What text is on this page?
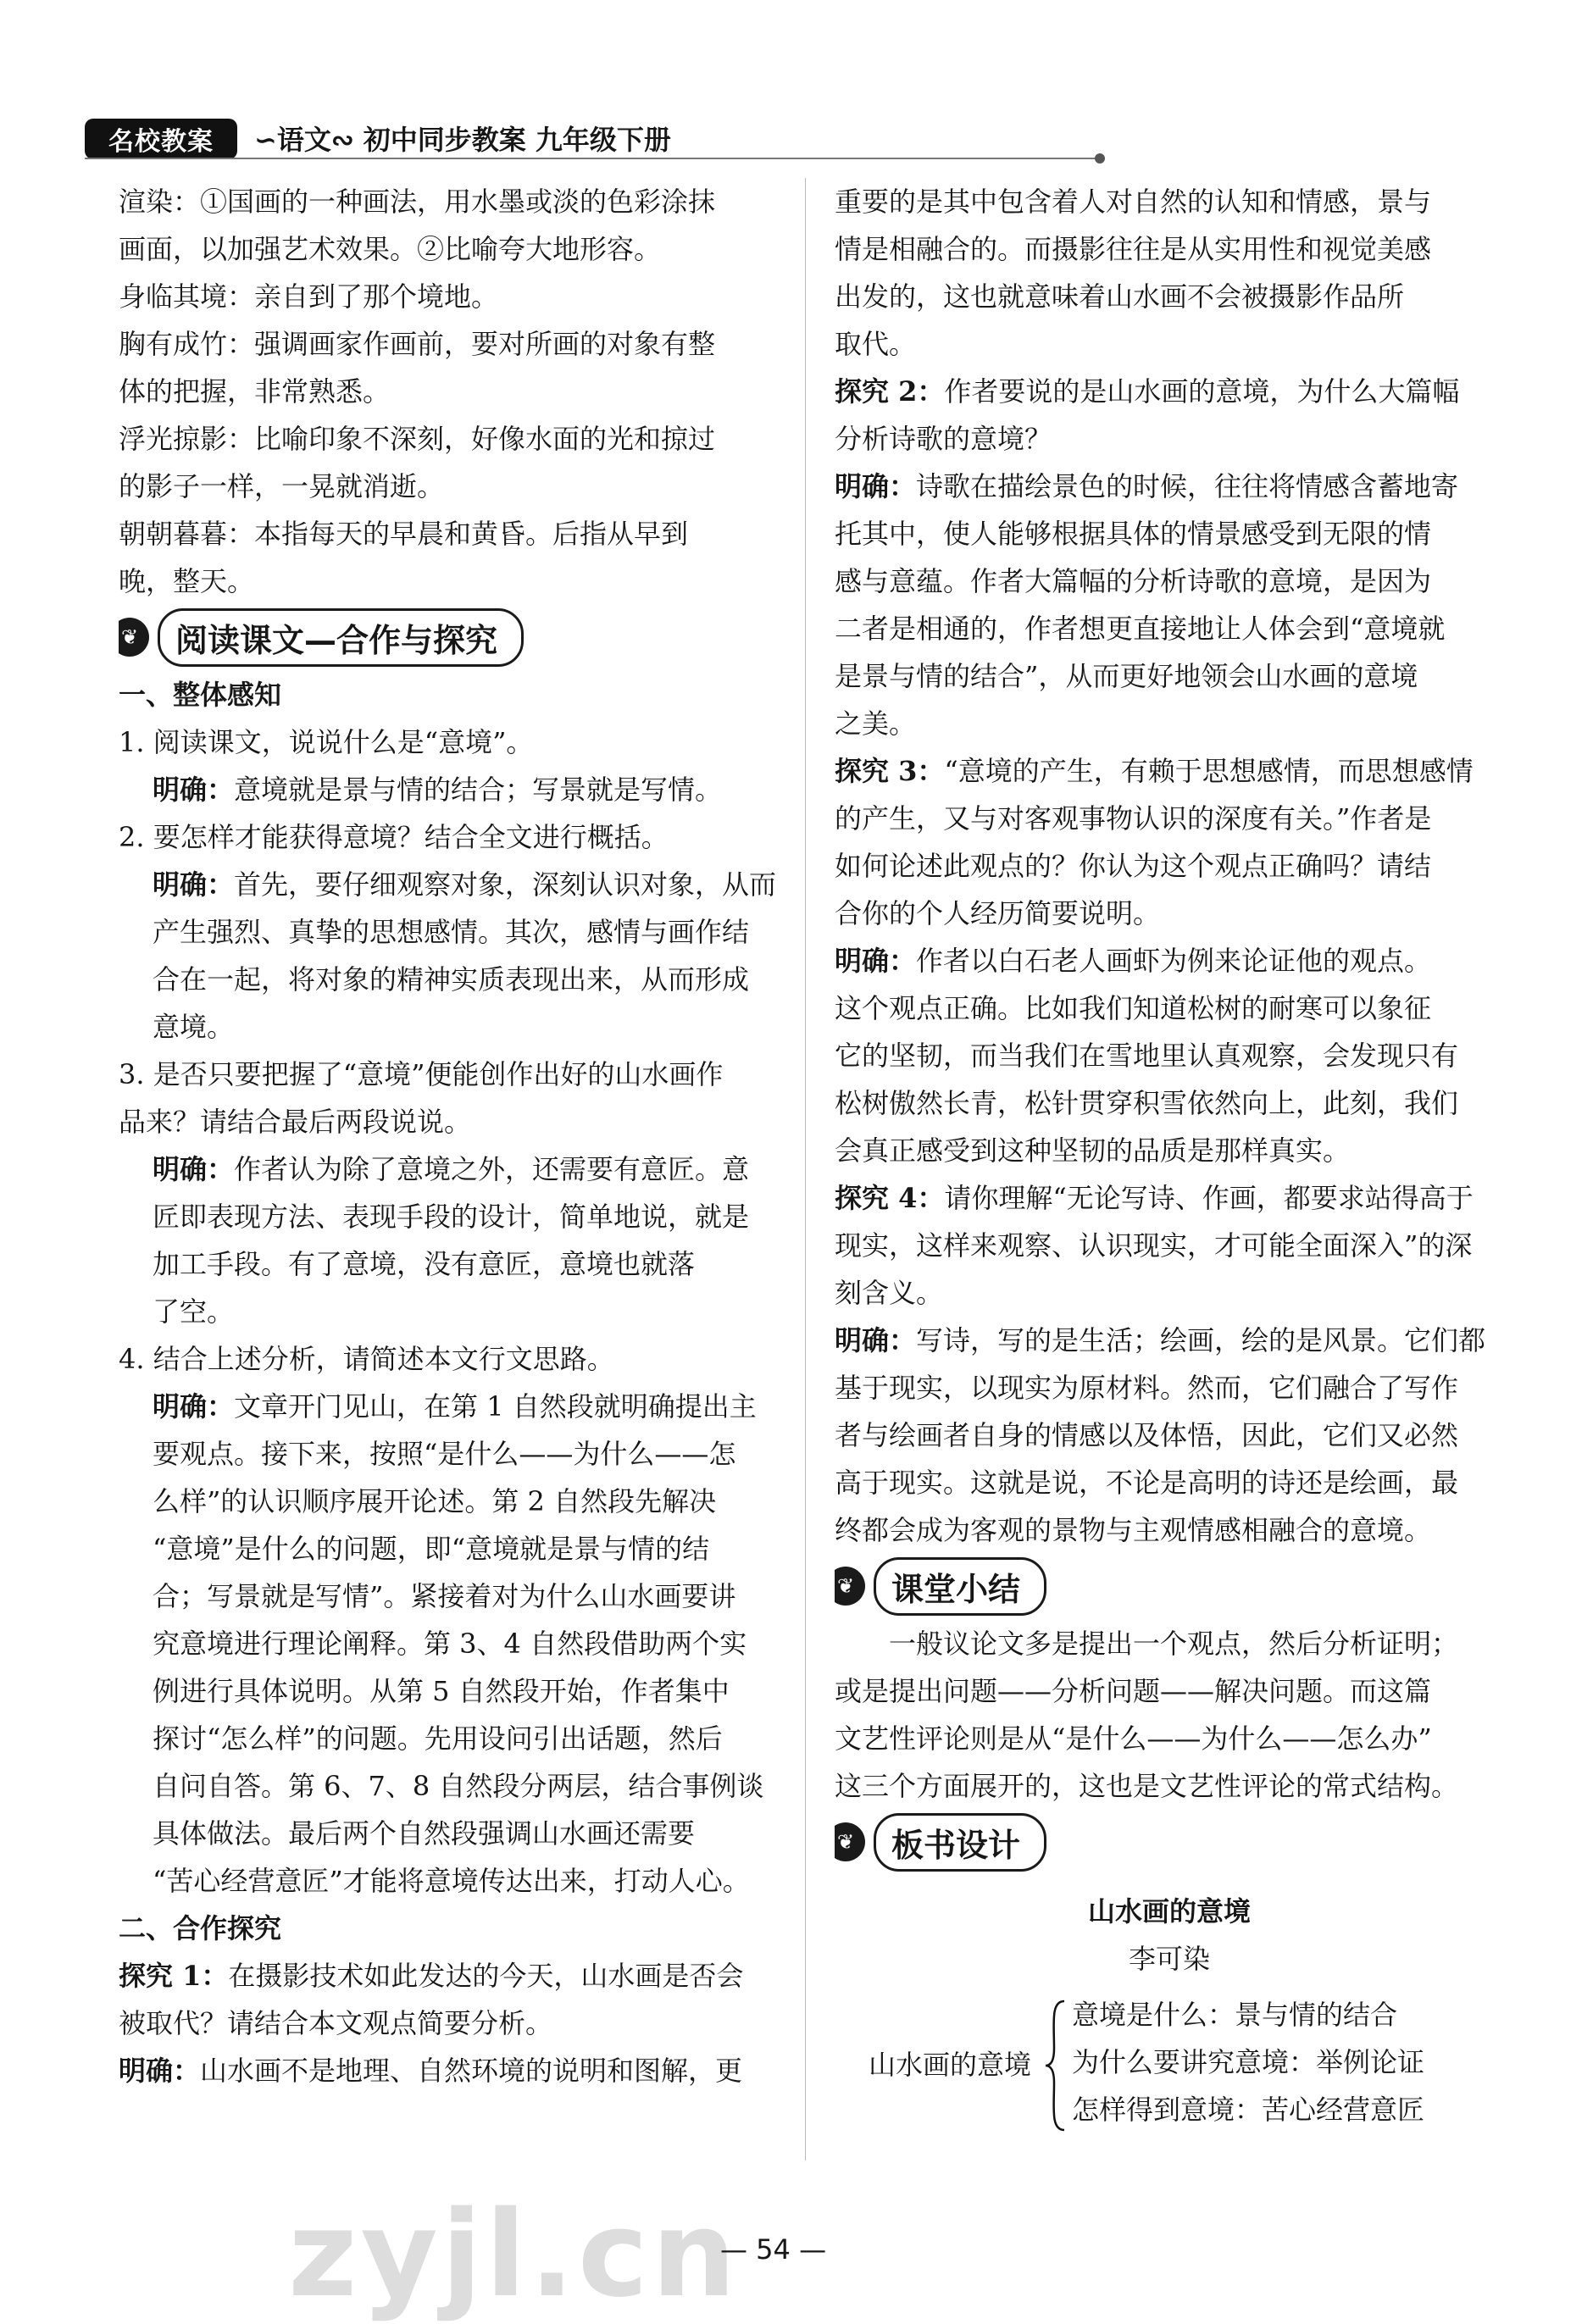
名校教案	∽语文∾ 初中同步教案 九年级下册
渲染：①国画的一种画法，用水墨或淡的色彩涂抹
画面，以加强艺术效果。②比喻夸大地形容。
身临其境：亲自到了那个境地。
胸有成竹：强调画家作画前，要对所画的对象有整
体的把握，非常熟悉。
浮光掠影：比喻印象不深刻，好像水面的光和掠过
的影子一样，一晃就消逝。
朝朝暮暮：本指每天的早晨和黄昏。后指从早到
晚，整天。
❦	阅读课文—合作与探究
一、整体感知
1. 阅读课文，说说什么是“意境”。
明确：意境就是景与情的结合；写景就是写情。
2. 要怎样才能获得意境？结合全文进行概括。
明确：首先，要仔细观察对象，深刻认识对象，从而
产生强烈、真挚的思想感情。其次，感情与画作结
合在一起，将对象的精神实质表现出来，从而形成
意境。
3. 是否只要把握了“意境”便能创作出好的山水画作
品来？请结合最后两段说说。
明确：作者认为除了意境之外，还需要有意匠。意
匠即表现方法、表现手段的设计，简单地说，就是
加工手段。有了意境，没有意匠，意境也就落
了空。
4. 结合上述分析，请简述本文行文思路。
明确：文章开门见山，在第 1 自然段就明确提出主
要观点。接下来，按照“是什么——为什么——怎
么样”的认识顺序展开论述。第 2 自然段先解决
“意境”是什么的问题，即“意境就是景与情的结
合；写景就是写情”。紧接着对为什么山水画要讲
究意境进行理论阐释。第 3、4 自然段借助两个实
例进行具体说明。从第 5 自然段开始，作者集中
探讨“怎么样”的问题。先用设问引出话题，然后
自问自答。第 6、7、8 自然段分两层，结合事例谈
具体做法。最后两个自然段强调山水画还需要
“苦心经营意匠”才能将意境传达出来，打动人心。
二、合作探究
探究 1：在摄影技术如此发达的今天，山水画是否会
被取代？请结合本文观点简要分析。
明确：山水画不是地理、自然环境的说明和图解，更
重要的是其中包含着人对自然的认知和情感，景与
情是相融合的。而摄影往往是从实用性和视觉美感
出发的，这也就意味着山水画不会被摄影作品所
取代。
探究 2：作者要说的是山水画的意境，为什么大篇幅
分析诗歌的意境？
明确：诗歌在描绘景色的时候，往往将情感含蓄地寄
托其中，使人能够根据具体的情景感受到无限的情
感与意蕴。作者大篇幅的分析诗歌的意境，是因为
二者是相通的，作者想更直接地让人体会到“意境就
是景与情的结合”，从而更好地领会山水画的意境
之美。
探究 3：“意境的产生，有赖于思想感情，而思想感情
的产生，又与对客观事物认识的深度有关。”作者是
如何论述此观点的？你认为这个观点正确吗？请结
合你的个人经历简要说明。
明确：作者以白石老人画虾为例来论证他的观点。
这个观点正确。比如我们知道松树的耐寒可以象征
它的坚韧，而当我们在雪地里认真观察，会发现只有
松树傲然长青，松针贯穿积雪依然向上，此刻，我们
会真正感受到这种坚韧的品质是那样真实。
探究 4：请你理解“无论写诗、作画，都要求站得高于
现实，这样来观察、认识现实，才可能全面深入”的深
刻含义。
明确：写诗，写的是生活；绘画，绘的是风景。它们都
基于现实，以现实为原材料。然而，它们融合了写作
者与绘画者自身的情感以及体悟，因此，它们又必然
高于现实。这就是说，不论是高明的诗还是绘画，最
终都会成为客观的景物与主观情感相融合的意境。
❦	课堂小结
一般议论文多是提出一个观点，然后分析证明；
或是提出问题——分析问题——解决问题。而这篇
文艺性评论则是从“是什么——为什么——怎么办”
这三个方面展开的，这也是文艺性评论的常式结构。
❦	板书设计
山水画的意境
李可染
山水画的意境
意境是什么：景与情的结合
为什么要讲究意境：举例论证
怎样得到意境：苦心经营意匠
zyjl.cn
— 54 —
